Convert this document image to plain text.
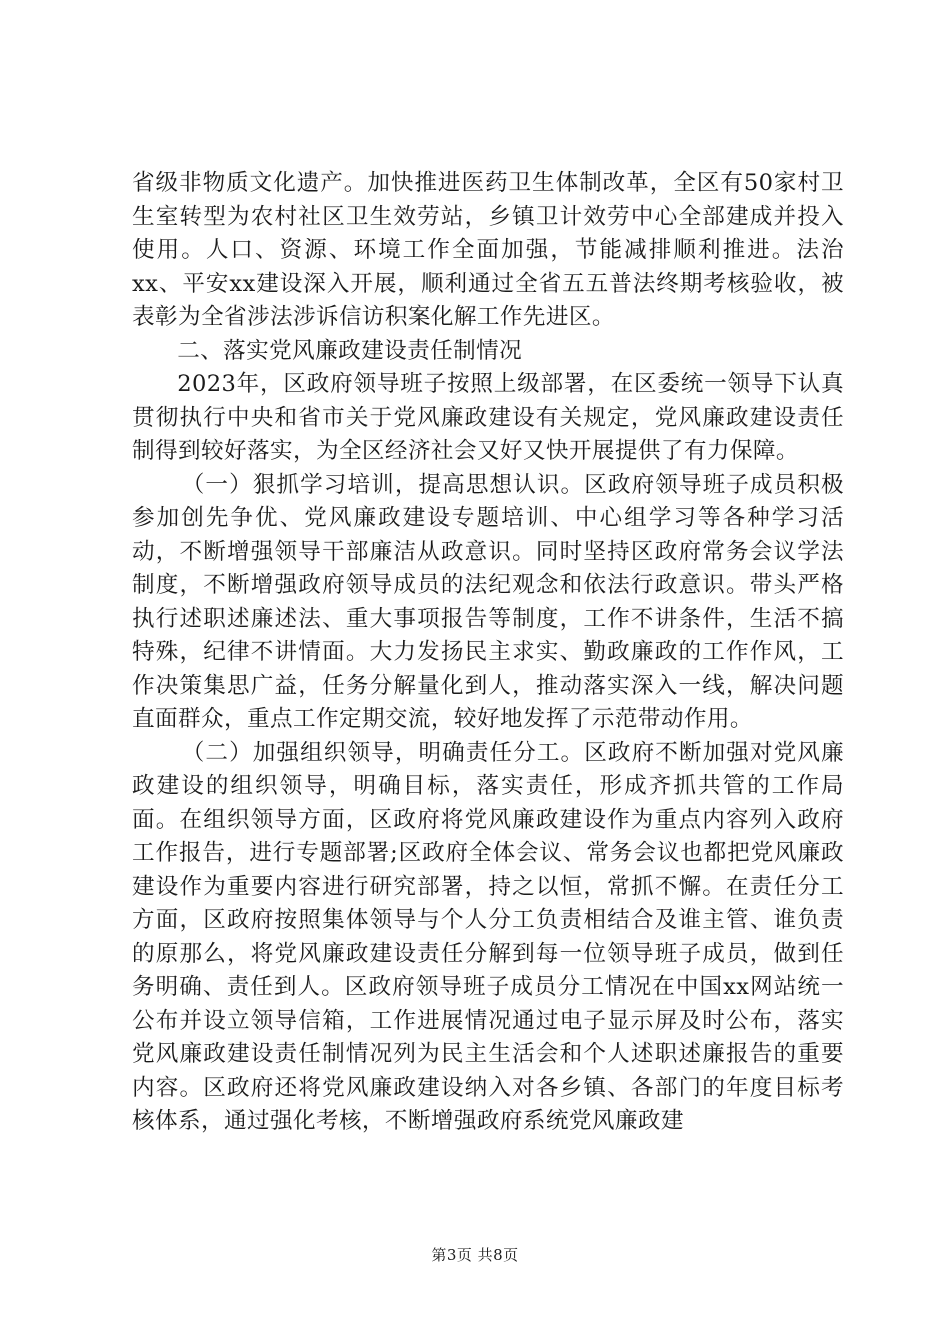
省级非物质文化遗产。加快推进医药卫生体制改革，全区有50家村卫生室转型为农村社区卫生效劳站，乡镇卫计效劳中心全部建成并投入使用。人口、资源、环境工作全面加强，节能减排顺利推进。法治xx、平安xx建设深入开展，顺利通过全省五五普法终期考核验收，被表彰为全省涉法涉诉信访积案化解工作先进区。

二、落实党风廉政建设责任制情况

2023年，区政府领导班子按照上级部署，在区委统一领导下认真贯彻执行中央和省市关于党风廉政建设有关规定，党风廉政建设责任制得到较好落实，为全区经济社会又好又快开展提供了有力保障。

（一）狠抓学习培训，提高思想认识。区政府领导班子成员积极参加创先争优、党风廉政建设专题培训、中心组学习等各种学习活动，不断增强领导干部廉洁从政意识。同时坚持区政府常务会议学法制度，不断增强政府领导成员的法纪观念和依法行政意识。带头严格执行述职述廉述法、重大事项报告等制度，工作不讲条件，生活不搞特殊，纪律不讲情面。大力发扬民主求实、勤政廉政的工作作风，工作决策集思广益，任务分解量化到人，推动落实深入一线，解决问题直面群众，重点工作定期交流，较好地发挥了示范带动作用。

（二）加强组织领导，明确责任分工。区政府不断加强对党风廉政建设的组织领导，明确目标，落实责任，形成齐抓共管的工作局面。在组织领导方面，区政府将党风廉政建设作为重点内容列入政府工作报告，进行专题部署;区政府全体会议、常务会议也都把党风廉政建设作为重要内容进行研究部署，持之以恒，常抓不懈。在责任分工方面，区政府按照集体领导与个人分工负责相结合及谁主管、谁负责的原那么，将党风廉政建设责任分解到每一位领导班子成员，做到任务明确、责任到人。区政府领导班子成员分工情况在中国xx网站统一公布并设立领导信箱，工作进展情况通过电子显示屏及时公布，落实党风廉政建设责任制情况列为民主生活会和个人述职述廉报告的重要内容。区政府还将党风廉政建设纳入对各乡镇、各部门的年度目标考核体系，通过强化考核，不断增强政府系统党风廉政建

第3页 共8页
